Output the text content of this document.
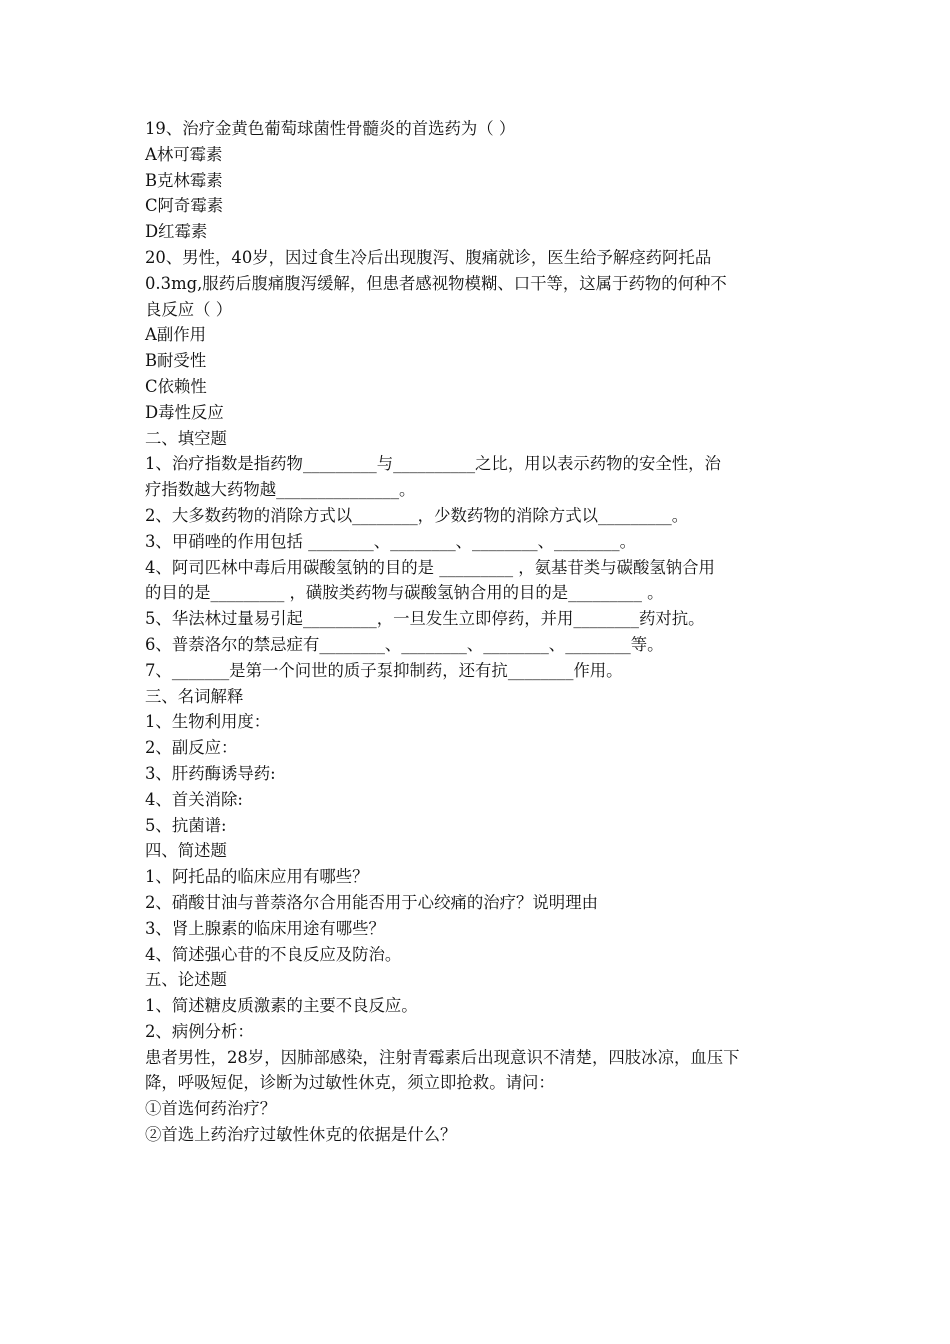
19、治疗金黄色葡萄球菌性骨髓炎的首选药为（ ）
A林可霉素
B克林霉素
C阿奇霉素
D红霉素
20、男性，40岁，因过食生冷后出现腹泻、腹痛就诊，医生给予解痉药阿托品
0.3mg,服药后腹痛腹泻缓解，但患者感视物模糊、口干等，这属于药物的何种不
良反应（ ）
A副作用
B耐受性
C依赖性
D毒性反应
二、填空题
1、治疗指数是指药物_________与__________之比，用以表示药物的安全性，治
疗指数越大药物越_______________。
2、大多数药物的消除方式以________，少数药物的消除方式以_________。
3、甲硝唑的作用包括 ________、________、________、________。
4、阿司匹林中毒后用碳酸氢钠的目的是 _________ ，氨基苷类与碳酸氢钠合用
的目的是_________ ，磺胺类药物与碳酸氢钠合用的目的是_________ 。
5、华法林过量易引起_________，一旦发生立即停药，并用________药对抗。
6、普萘洛尔的禁忌症有________、________、________、________等。
7、_______是第一个问世的质子泵抑制药，还有抗________作用。
三、名词解释
1、生物利用度：
2、副反应：
3、肝药酶诱导药:
4、首关消除:
5、抗菌谱:
四、简述题
1、阿托品的临床应用有哪些？
2、硝酸甘油与普萘洛尔合用能否用于心绞痛的治疗？说明理由
3、肾上腺素的临床用途有哪些？
4、简述强心苷的不良反应及防治。
五、论述题
1、简述糖皮质激素的主要不良反应。
2、病例分析：
患者男性，28岁，因肺部感染，注射青霉素后出现意识不清楚，四肢冰凉，血压下
降，呼吸短促，诊断为过敏性休克，须立即抢救。请问：
①首选何药治疗？
②首选上药治疗过敏性休克的依据是什么？
